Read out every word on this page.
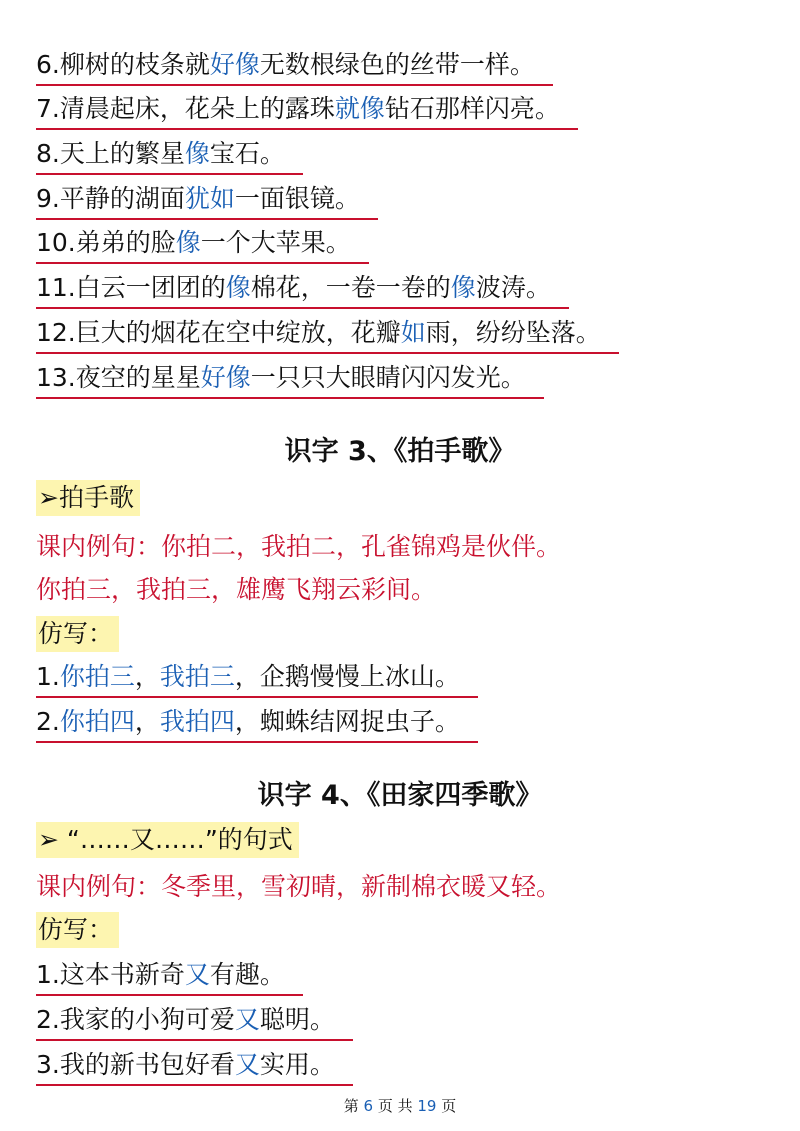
6.柳树的枝条就好像无数根绿色的丝带一样。
7.清晨起床，花朵上的露珠就像钻石那样闪亮。
8.天上的繁星像宝石。
9.平静的湖面犹如一面银镜。
10.弟弟的脸像一个大苹果。
11.白云一团团的像棉花，一卷一卷的像波涛。
12.巨大的烟花在空中绽放，花瓣如雨，纷纷坠落。
13.夜空的星星好像一只只大眼睛闪闪发光。
识字 3、《拍手歌》
➢拍手歌
课内例句：你拍二，我拍二，孔雀锦鸡是伙伴。
你拍三，我拍三，雄鹰飞翔云彩间。
仿写：
1.你拍三，我拍三，企鹅慢慢上冰山。
2.你拍四，我拍四，蜘蛛结网捉虫子。
识字 4、《田家四季歌》
➢ “……又……”的句式
课内例句：冬季里，雪初晴，新制棉衣暖又轻。
仿写：
1.这本书新奇又有趣。
2.我家的小狗可爱又聪明。
3.我的新书包好看又实用。
第 6 页 共 19 页
